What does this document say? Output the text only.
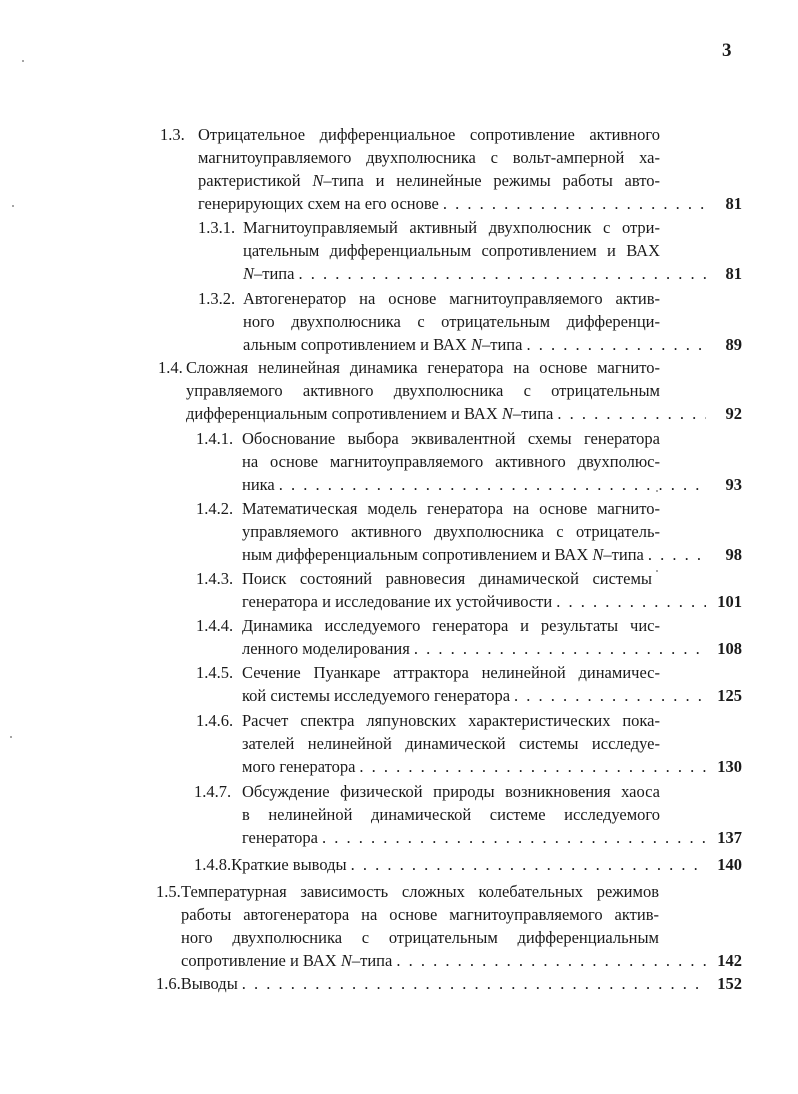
3
1.3. Отрицательное дифференциальное сопротивление активного
магнитоуправляемого двухполюсника с вольт-амперной ха-
рактеристикой N–типа и нелинейные режимы работы авто-
генерирующих схем на его основе . . .	81
1.3.1. Магнитоуправляемый активный двухполюсник с отри-
цательным дифференциальным сопротивлением и ВАХ
N–типа . . .	81
1.3.2. Автогенератор на основе магнитоуправляемого актив-
ного двухполюсника с отрицательным дифференци-
альным сопротивлением и ВАХ N–типа . . .	89
1.4. Сложная нелинейная динамика генератора на основе магнито-
управляемого активного двухполюсника с отрицательным
дифференциальным сопротивлением и ВАХ N–типа . . .	92
1.4.1. Обоснование выбора эквивалентной схемы генератора
на основе магнитоуправляемого активного двухполюс-
ника . . .	93
1.4.2. Математическая модель генератора на основе магнито-
управляемого активного двухполюсника с отрицатель-
ным дифференциальным сопротивлением и ВАХ N–типа . . .	98
1.4.3. Поиск состояний равновесия динамической системы
генератора и исследование их устойчивости . . .	101
1.4.4. Динамика исследуемого генератора и результаты чис-
ленного моделирования . . .	108
1.4.5. Сечение Пуанкаре аттрактора нелинейной динамичес-
кой системы исследуемого генератора . . .	125
1.4.6. Расчет спектра ляпуновских характеристических пока-
зателей нелинейной динамической системы исследуе-
мого генератора . . .	130
1.4.7. Обсуждение физической природы возникновения хаоса
в нелинейной динамической системе исследуемого
генератора . . .	137
1.4.8. Краткие выводы . . .	140
1.5. Температурная зависимость сложных колебательных режимов
работы автогенератора на основе магнитоуправляемого актив-
ного двухполюсника с отрицательным дифференциальным
сопротивление и ВАХ N–типа . . .	142
1.6. Выводы . . .	152
